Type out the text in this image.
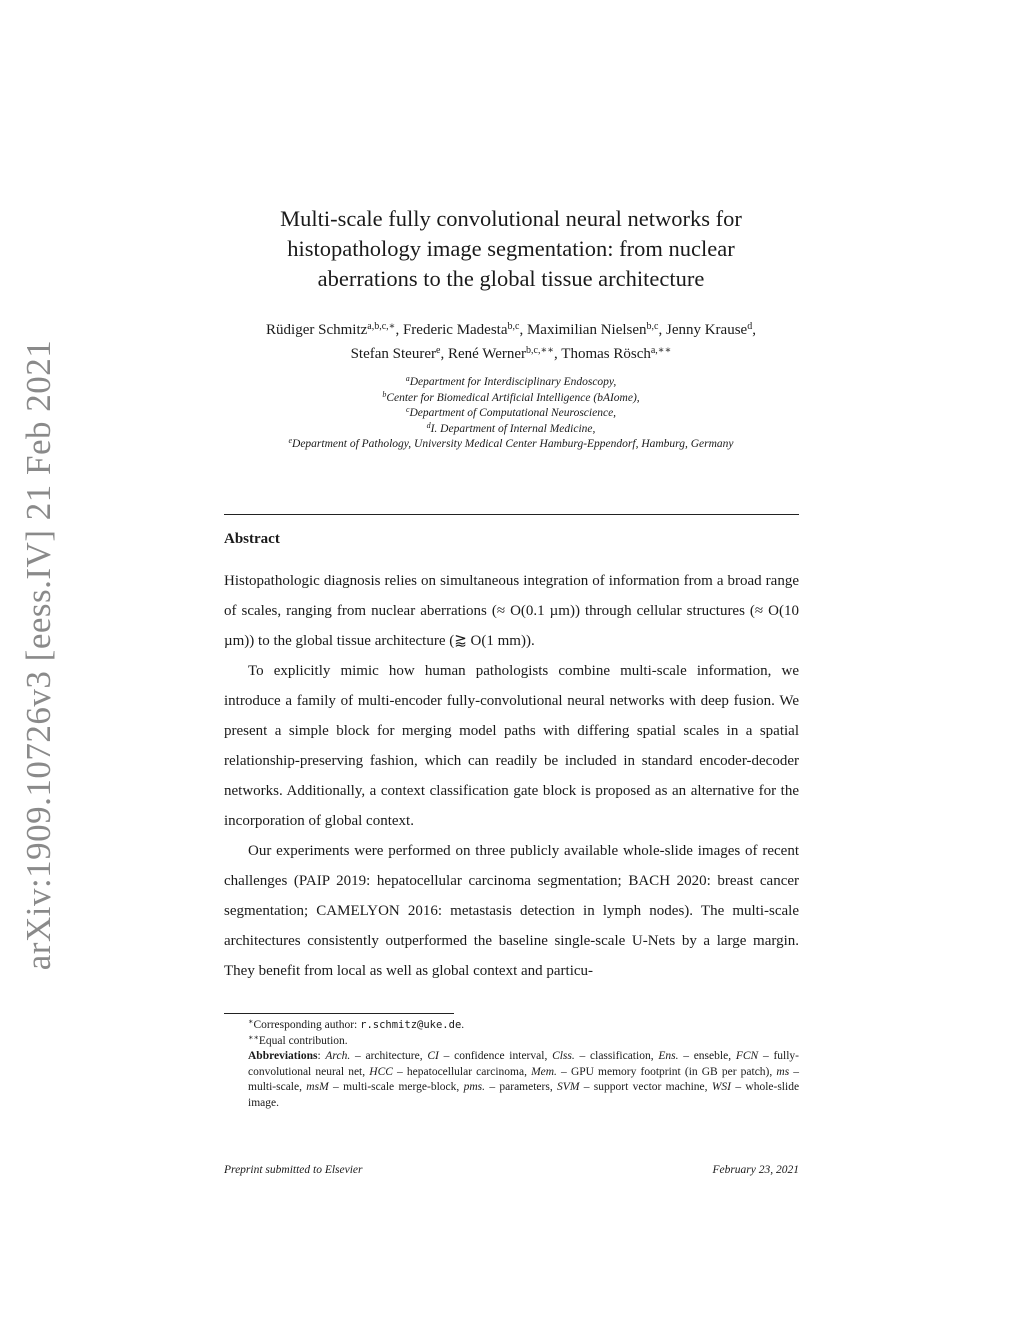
arXiv:1909.10726v3 [eess.IV] 21 Feb 2021
Multi-scale fully convolutional neural networks for
histopathology image segmentation: from nuclear
aberrations to the global tissue architecture
Rüdiger Schmitz$^{a,b,c,∗}$, Frederic Madesta$^{b,c}$, Maximilian Nielsen$^{b,c}$, Jenny Krause$^d$,
Stefan Steurer$^e$, René Werner$^{b,c,∗∗}$, Thomas Rösch$^{a,∗∗}$
$^a$Department for Interdisciplinary Endoscopy,
$^b$Center for Biomedical Artificial Intelligence (bAIome),
$^c$Department of Computational Neuroscience,
$^d$I. Department of Internal Medicine,
$^e$Department of Pathology, University Medical Center Hamburg-Eppendorf, Hamburg, Germany
Abstract

Histopathologic diagnosis relies on simultaneous integration of information from a broad range of scales, ranging from nuclear aberrations (≈ O(0.1 µm)) through cellular structures (≈ O(10 µm)) to the global tissue architecture (⪆ O(1 mm)).

To explicitly mimic how human pathologists combine multi-scale information, we introduce a family of multi-encoder fully-convolutional neural networks with deep fusion. We present a simple block for merging model paths with differing spatial scales in a spatial relationship-preserving fashion, which can readily be included in standard encoder-decoder networks. Additionally, a context classification gate block is proposed as an alternative for the incorporation of global context.

Our experiments were performed on three publicly available whole-slide images of recent challenges (PAIP 2019: hepatocellular carcinoma segmentation; BACH 2020: breast cancer segmentation; CAMELYON 2016: metastasis detection in lymph nodes). The multi-scale architectures consistently outperformed the baseline single-scale U-Nets by a large margin. They benefit from local as well as global context and particu-

∗Corresponding author: r.schmitz@uke.de.

∗∗Equal contribution.

Abbreviations: Arch. – architecture, CI – confidence interval, Clss. – classification, Ens. – enseble, FCN – fully-convolutional neural net, HCC – hepatocellular carcinoma, Mem. – GPU memory footprint (in GB per patch), ms – multi-scale, msM – multi-scale merge-block, pms. – parameters, SVM – support vector machine, WSI – whole-slide image.

Preprint submitted to Elsevier	February 23, 2021
